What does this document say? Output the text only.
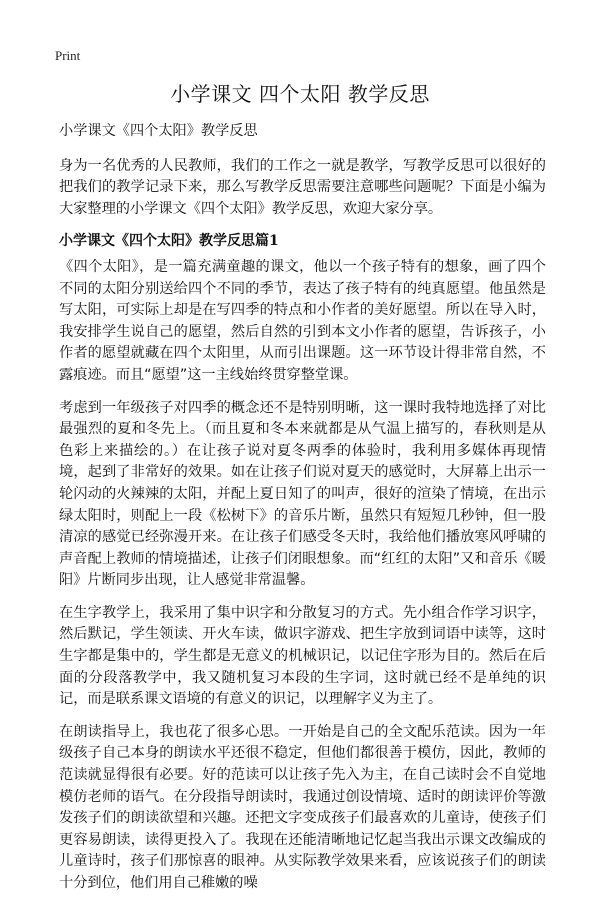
Print
小学课文 四个太阳 教学反思

小学课文《四个太阳》教学反思

身为一名优秀的人民教师，我们的工作之一就是教学，写教学反思可以很好的把我们的教学记录下来，那么写教学反思需要注意哪些问题呢？下面是小编为大家整理的小学课文《四个太阳》教学反思，欢迎大家分享。

小学课文《四个太阳》教学反思篇1

《四个太阳》，是一篇充满童趣的课文，他以一个孩子特有的想象，画了四个不同的太阳分别送给四个不同的季节，表达了孩子特有的纯真愿望。他虽然是写太阳，可实际上却是在写四季的特点和小作者的美好愿望。所以在导入时，我安排学生说自己的愿望，然后自然的引到本文小作者的愿望，告诉孩子，小作者的愿望就藏在四个太阳里，从而引出课题。这一环节设计得非常自然，不露痕迹。而且“愿望”这一主线始终贯穿整堂课。

考虑到一年级孩子对四季的概念还不是特别明晰，这一课时我特地选择了对比最强烈的夏和冬先上。（而且夏和冬本来就都是从气温上描写的，春秋则是从色彩上来描绘的。）在让孩子说对夏冬两季的体验时，我利用多媒体再现情境，起到了非常好的效果。如在让孩子们说对夏天的感觉时，大屏幕上出示一轮闪动的火辣辣的太阳，并配上夏日知了的叫声，很好的渲染了情境，在出示绿太阳时，则配上一段《松树下》的音乐片断，虽然只有短短几秒钟，但一股清凉的感觉已经弥漫开来。在让孩子们感受冬天时，我给他们播放寒风呼啸的声音配上教师的情境描述，让孩子们闭眼想象。而“红红的太阳”又和音乐《暖阳》片断同步出现，让人感觉非常温馨。

在生字教学上，我采用了集中识字和分散复习的方式。先小组合作学习识字，然后默记，学生领读、开火车读，做识字游戏、把生字放到词语中读等，这时生字都是集中的，学生都是无意义的机械识记，以记住字形为目的。然后在后面的分段落教学中，我又随机复习本段的生字词，这时就已经不是单纯的识记，而是联系课文语境的有意义的识记，以理解字义为主了。

在朗读指导上，我也花了很多心思。一开始是自己的全文配乐范读。因为一年级孩子自己本身的朗读水平还很不稳定，但他们都很善于模仿，因此，教师的范读就显得很有必要。好的范读可以让孩子先入为主，在自己读时会不自觉地模仿老师的语气。在分段指导朗读时，我通过创设情境、适时的朗读评价等激发孩子们的朗读欲望和兴趣。还把文字变成孩子们最喜欢的儿童诗，使孩子们更容易朗读，读得更投入了。我现在还能清晰地记忆起当我出示课文改编成的儿童诗时，孩子们那惊喜的眼神。从实际教学效果来看，应该说孩子们的朗读十分到位，他们用自己稚嫩的噪
